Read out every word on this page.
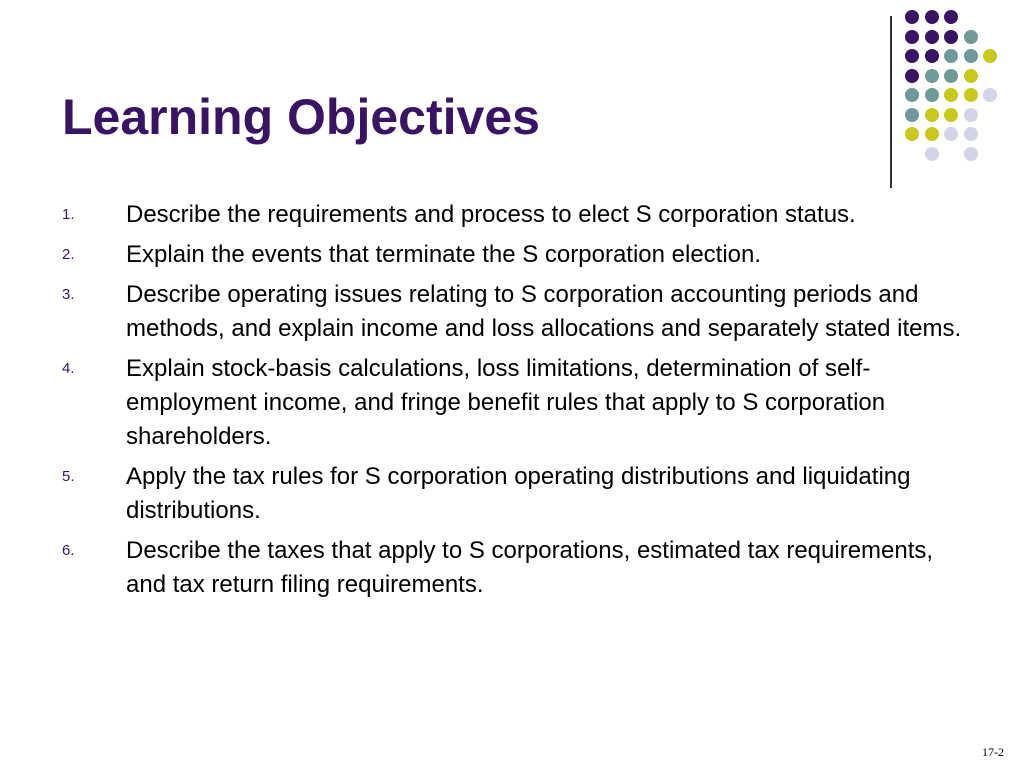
Learning Objectives
1. Describe the requirements and process to elect S corporation status.
2. Explain the events that terminate the S corporation election.
3. Describe operating issues relating to S corporation accounting periods and methods, and explain income and loss allocations and separately stated items.
4. Explain stock-basis calculations, loss limitations, determination of self-employment income, and fringe benefit rules that apply to S corporation shareholders.
5. Apply the tax rules for S corporation operating distributions and liquidating distributions.
6. Describe the taxes that apply to S corporations, estimated tax requirements, and tax return filing requirements.
17-2
